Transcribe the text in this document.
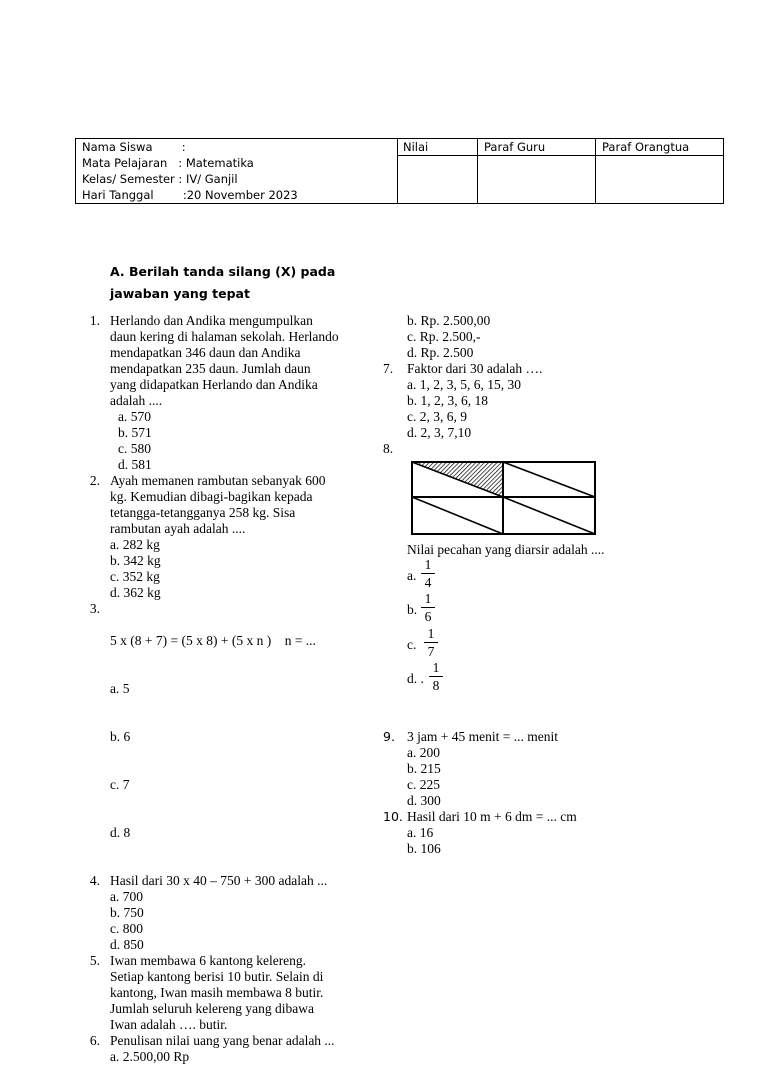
Nama Siswa        :
Mata Pelajaran   : Matematika
Kelas/ Semester : IV/ Ganjil
Hari Tanggal        :20 November 2023
Nilai	Paraf Guru	Paraf Orangtua
A. Berilah tanda silang (X) pada
jawaban yang tepat
1. Herlando dan Andika mengumpulkan
daun kering di halaman sekolah. Herlando
mendapatkan 346 daun dan Andika
mendapatkan 235 daun. Jumlah daun
yang didapatkan Herlando dan Andika
adalah ....
a. 570
b. 571
c. 580
d. 581
2. Ayah memanen rambutan sebanyak 600
kg. Kemudian dibagi-bagikan kepada
tetangga-tetangganya 258 kg. Sisa
rambutan ayah adalah ....
a. 282 kg
b. 342 kg
c. 352 kg
d. 362 kg
3.

5 x (8 + 7) = (5 x 8) + (5 x n )    n = ...

a. 5

b. 6

c. 7

d. 8

4. Hasil dari 30 x 40 – 750 + 300 adalah ...
a. 700
b. 750
c. 800
d. 850
5. Iwan membawa 6 kantong kelereng.
Setiap kantong berisi 10 butir. Selain di
kantong, Iwan masih membawa 8 butir.
Jumlah seluruh kelereng yang dibawa
Iwan adalah …. butir.
6. Penulisan nilai uang yang benar adalah ...
a. 2.500,00 Rp
b. Rp. 2.500,00
c. Rp. 2.500,-
d. Rp. 2.500
7. Faktor dari 30 adalah ….
a. 1, 2, 3, 5, 6, 15, 30
b. 1, 2, 3, 6, 18
c. 2, 3, 6, 9
d. 2, 3, 7,10
8.
Nilai pecahan yang diarsir adalah ....
a.
1
4
b.
1
6
c.
1
7
d. .
1
8
9. 3 jam + 45 menit = ... menit
a. 200
b. 215
c. 225
d. 300
10. Hasil dari 10 m + 6 dm = ... cm
a. 16
b. 106
